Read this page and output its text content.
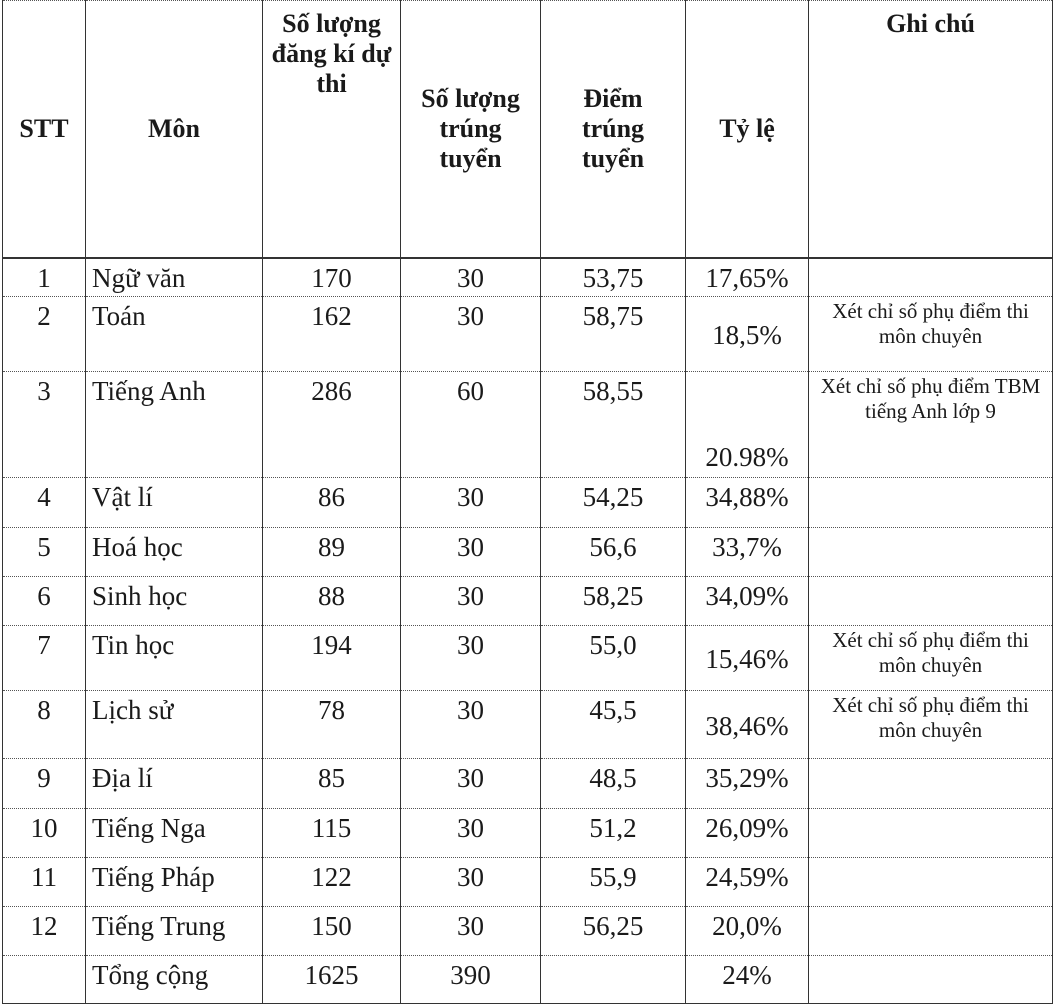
STT	Môn	Số lượng đăng kí dự thi	Số lượng trúng tuyển	Điểm trúng tuyển	Tỷ lệ	Ghi chú
1	Ngữ văn	170	30	53,75	17,65%	
2	Toán	162	30	58,75	18,5%	Xét chỉ số phụ điểm thi môn chuyên
3	Tiếng Anh	286	60	58,55	20.98%	Xét chỉ số phụ điểm TBM tiếng Anh lớp 9
4	Vật lí	86	30	54,25	34,88%	
5	Hoá học	89	30	56,6	33,7%	
6	Sinh học	88	30	58,25	34,09%	
7	Tin học	194	30	55,0	15,46%	Xét chỉ số phụ điểm thi môn chuyên
8	Lịch sử	78	30	45,5	38,46%	Xét chỉ số phụ điểm thi môn chuyên
9	Địa lí	85	30	48,5	35,29%	
10	Tiếng Nga	115	30	51,2	26,09%	
11	Tiếng Pháp	122	30	55,9	24,59%	
12	Tiếng Trung	150	30	56,25	20,0%	
	Tổng cộng	1625	390		24%	
